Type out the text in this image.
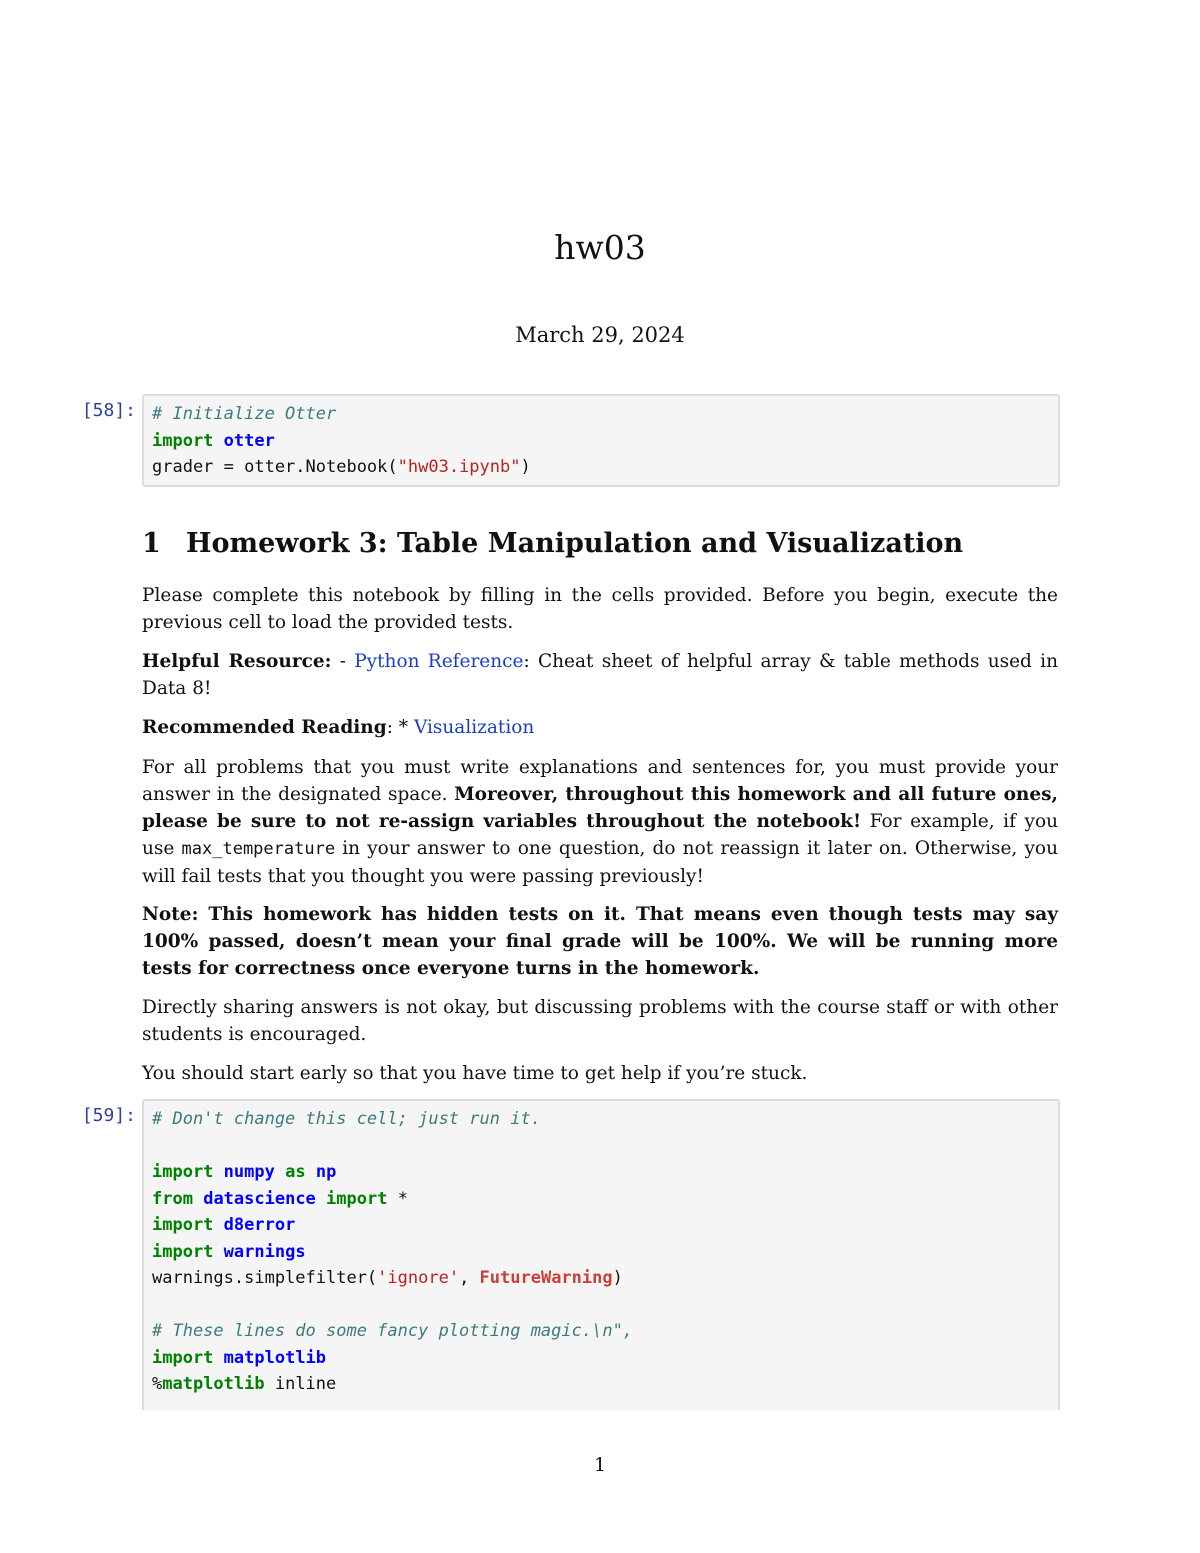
hw03
March 29, 2024
[58]: # Initialize Otter
import otter
grader = otter.Notebook("hw03.ipynb")
1 Homework 3: Table Manipulation and Visualization
Please complete this notebook by filling in the cells provided. Before you begin, execute the previous cell to load the provided tests.
Helpful Resource: - Python Reference: Cheat sheet of helpful array & table methods used in Data 8!
Recommended Reading: * Visualization
For all problems that you must write explanations and sentences for, you must provide your answer in the designated space. Moreover, throughout this homework and all future ones, please be sure to not re-assign variables throughout the notebook! For example, if you use max_temperature in your answer to one question, do not reassign it later on. Otherwise, you will fail tests that you thought you were passing previously!
Note: This homework has hidden tests on it. That means even though tests may say 100% passed, doesn’t mean your final grade will be 100%. We will be running more tests for correctness once everyone turns in the homework.
Directly sharing answers is not okay, but discussing problems with the course staff or with other students is encouraged.
You should start early so that you have time to get help if you’re stuck.
[59]: # Don't change this cell; just run it.
import numpy as np
from datascience import *
import d8error
import warnings
warnings.simplefilter('ignore', FutureWarning)
# These lines do some fancy plotting magic.\n",
import matplotlib
%matplotlib inline
1
